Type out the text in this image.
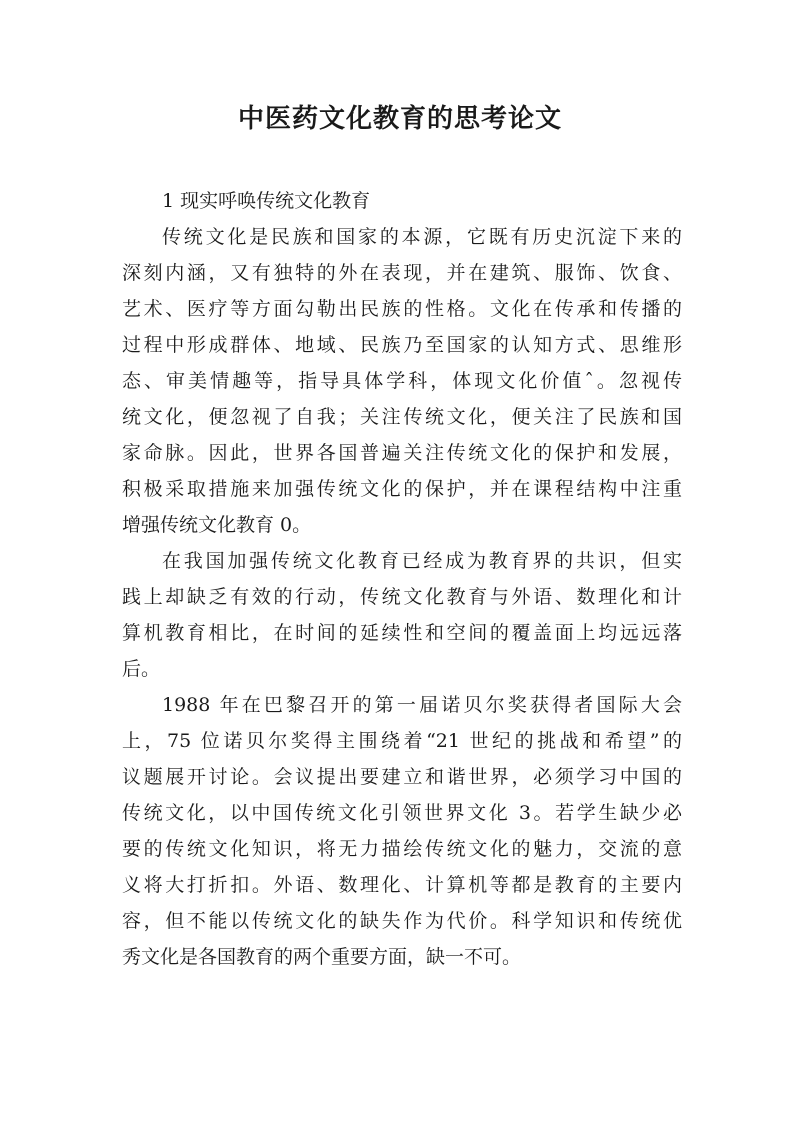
中医药文化教育的思考论文
1 现实呼唤传统文化教育
传统文化是民族和国家的本源，它既有历史沉淀下来的
深刻内涵，又有独特的外在表现，并在建筑、服饰、饮食、
艺术、医疗等方面勾勒出民族的性格。文化在传承和传播的
过程中形成群体、地域、民族乃至国家的认知方式、思维形
态、审美情趣等，指导具体学科，体现文化价值ˆ。忽视传
统文化，便忽视了自我；关注传统文化，便关注了民族和国
家命脉。因此，世界各国普遍关注传统文化的保护和发展，
积极采取措施来加强传统文化的保护，并在课程结构中注重
增强传统文化教育 0。
在我国加强传统文化教育已经成为教育界的共识，但实
践上却缺乏有效的行动，传统文化教育与外语、数理化和计
算机教育相比，在时间的延续性和空间的覆盖面上均远远落
后。
1988 年在巴黎召开的第一届诺贝尔奖获得者国际大会
上，75 位诺贝尔奖得主围绕着“21 世纪的挑战和希望”的
议题展开讨论。会议提出要建立和谐世界，必须学习中国的
传统文化，以中国传统文化引领世界文化 3。若学生缺少必
要的传统文化知识，将无力描绘传统文化的魅力，交流的意
义将大打折扣。外语、数理化、计算机等都是教育的主要内
容，但不能以传统文化的缺失作为代价。科学知识和传统优
秀文化是各国教育的两个重要方面，缺一不可。
